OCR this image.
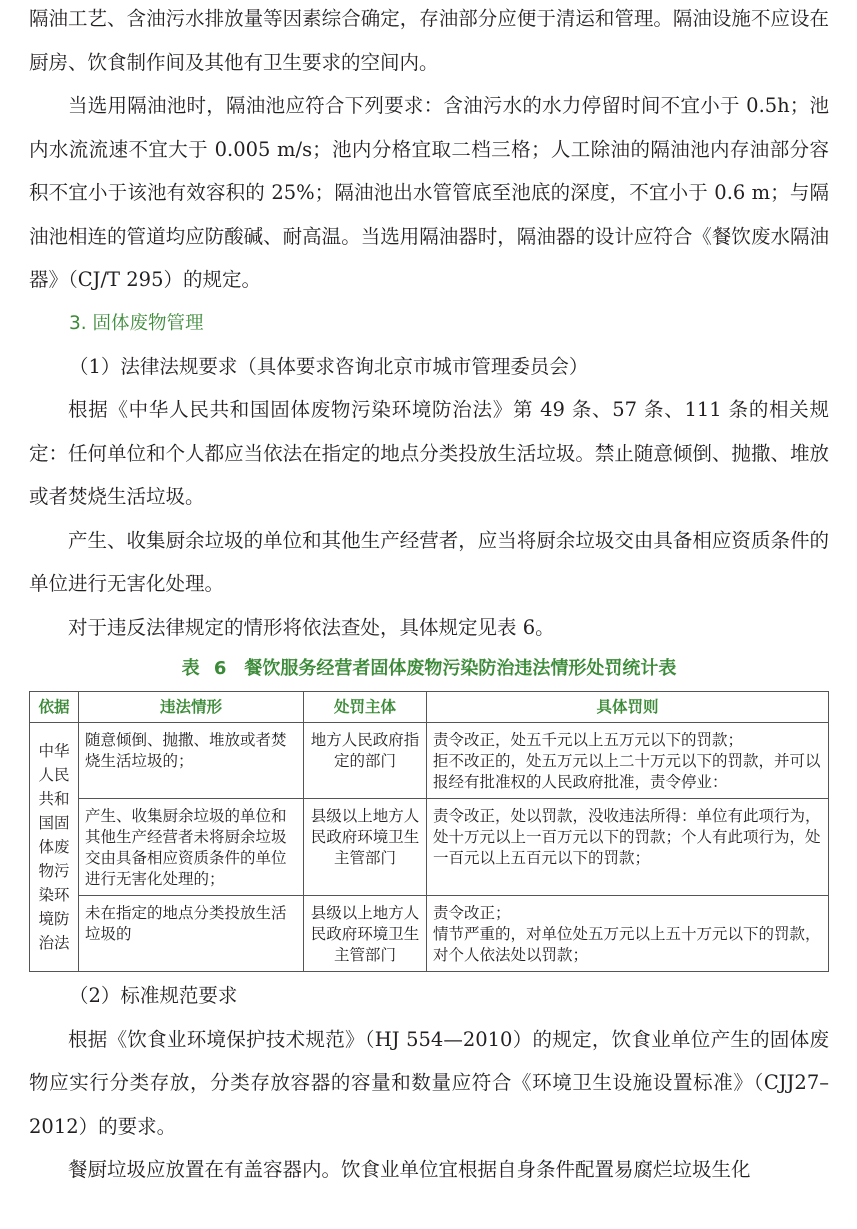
隔油工艺、含油污水排放量等因素综合确定，存油部分应便于清运和管理。隔油设施不应设在厨房、饮食制作间及其他有卫生要求的空间内。

当选用隔油池时，隔油池应符合下列要求：含油污水的水力停留时间不宜小于 0.5h；池内水流流速不宜大于 0.005 m/s；池内分格宜取二档三格；人工除油的隔油池内存油部分容积不宜小于该池有效容积的 25%；隔油池出水管管底至池底的深度，不宜小于 0.6 m；与隔油池相连的管道均应防酸碱、耐高温。当选用隔油器时，隔油器的设计应符合《餐饮废水隔油器》（CJ/T 295）的规定。

3. 固体废物管理

（1）法律法规要求（具体要求咨询北京市城市管理委员会）

根据《中华人民共和国固体废物污染环境防治法》第 49 条、57 条、111 条的相关规定：任何单位和个人都应当依法在指定的地点分类投放生活垃圾。禁止随意倾倒、抛撒、堆放或者焚烧生活垃圾。

产生、收集厨余垃圾的单位和其他生产经营者，应当将厨余垃圾交由具备相应资质条件的单位进行无害化处理。

对于违反法律规定的情形将依法查处，具体规定见表 6。

表 6　餐饮服务经营者固体废物污染防治违法情形处罚统计表
依据	违法情形	处罚主体	具体罚则
中华人民共和国固体废物污染环境防治法	随意倾倒、抛撒、堆放或者焚烧生活垃圾的；	地方人民政府指定的部门	责令改正，处五千元以上五万元以下的罚款；
拒不改正的，处五万元以上二十万元以下的罚款，并可以报经有批准权的人民政府批准，责令停业：

	产生、收集厨余垃圾的单位和其他生产经营者未将厨余垃圾交由具备相应资质条件的单位进行无害化处理的；	县级以上地方人民政府环境卫生主管部门	责令改正，处以罚款，没收违法所得：单位有此项行为，处十万元以上一百万元以下的罚款；个人有此项行为，处一百元以上五百元以下的罚款；

	未在指定的地点分类投放生活垃圾的	县级以上地方人民政府环境卫生主管部门	责令改正；
情节严重的，对单位处五万元以上五十万元以下的罚款，对个人依法处以罚款；

（2）标准规范要求

根据《饮食业环境保护技术规范》（HJ 554—2010）的规定，饮食业单位产生的固体废物应实行分类存放，分类存放容器的容量和数量应符合《环境卫生设施设置标准》（CJJ27–2012）的要求。

餐厨垃圾应放置在有盖容器内。饮食业单位宜根据自身条件配置易腐烂垃圾生化
